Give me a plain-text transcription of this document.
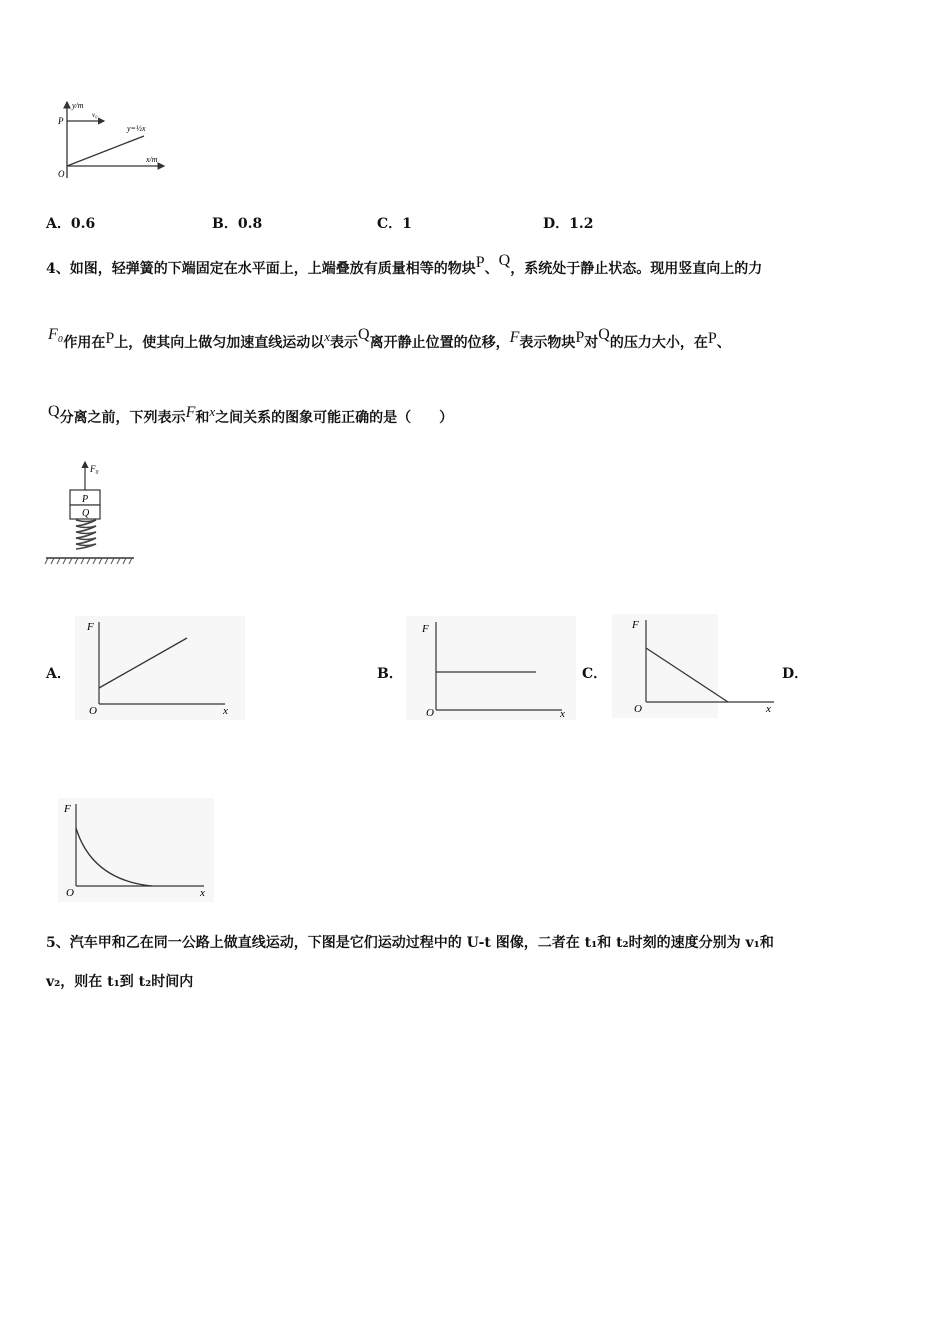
y/m
x/m
P
v₀
O
y=½x
A．0.6	B．0.8	C．1	D．1.2
4、如图，轻弹簧的下端固定在水平面上，上端叠放有质量相等的物块P、Q，系统处于静止状态。现用竖直向上的力
F₀作用在P上，使其向上做匀加速直线运动以x表示Q离开静止位置的位移，F表示物块P对Q的压力大小，在P、
Q分离之前，下列表示F和x之间关系的图象可能正确的是（　　）
F₀
P
Q
A．	B．	C．	D．
F
x
O
F
x
O
F
x
O
F
x
O
5、汽车甲和乙在同一公路上做直线运动，下图是它们运动过程中的 U-t 图像，二者在 t₁和 t₂时刻的速度分别为 v₁和
v₂，则在 t₁到 t₂时间内
